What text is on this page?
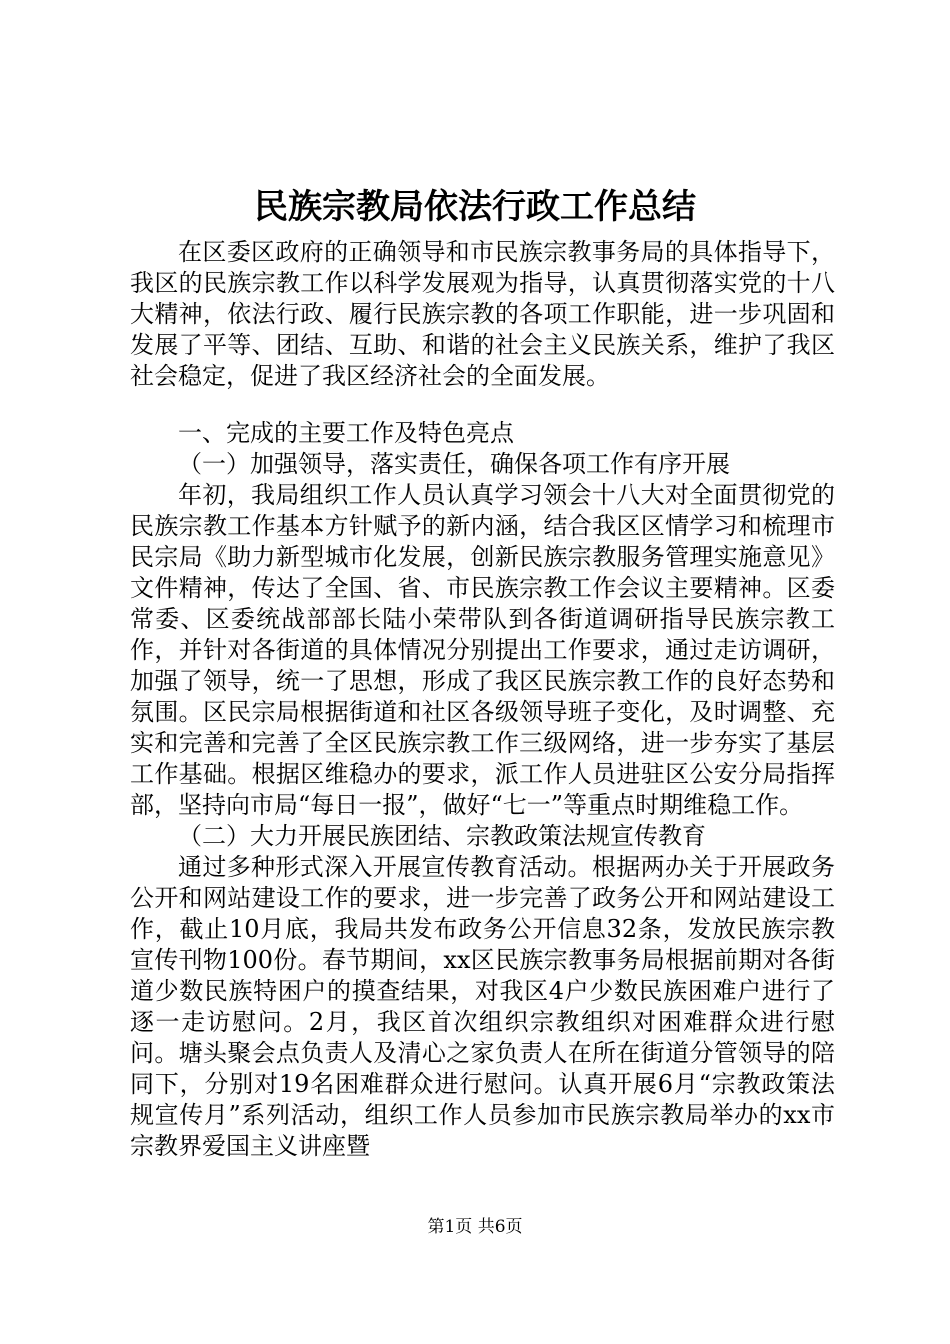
民族宗教局依法行政工作总结

在区委区政府的正确领导和市民族宗教事务局的具体指导下，我区的民族宗教工作以科学发展观为指导，认真贯彻落实党的十八大精神，依法行政、履行民族宗教的各项工作职能，进一步巩固和发展了平等、团结、互助、和谐的社会主义民族关系，维护了我区社会稳定，促进了我区经济社会的全面发展。

一、完成的主要工作及特色亮点

（一）加强领导，落实责任，确保各项工作有序开展

年初，我局组织工作人员认真学习领会十八大对全面贯彻党的民族宗教工作基本方针赋予的新内涵，结合我区区情学习和梳理市民宗局《助力新型城市化发展，创新民族宗教服务管理实施意见》文件精神，传达了全国、省、市民族宗教工作会议主要精神。区委常委、区委统战部部长陆小荣带队到各街道调研指导民族宗教工作，并针对各街道的具体情况分别提出工作要求，通过走访调研，加强了领导，统一了思想，形成了我区民族宗教工作的良好态势和氛围。区民宗局根据街道和社区各级领导班子变化，及时调整、充实和完善和完善了全区民族宗教工作三级网络，进一步夯实了基层工作基础。根据区维稳办的要求，派工作人员进驻区公安分局指挥部，坚持向市局“每日一报”，做好“七一”等重点时期维稳工作。

（二）大力开展民族团结、宗教政策法规宣传教育

通过多种形式深入开展宣传教育活动。根据两办关于开展政务公开和网站建设工作的要求，进一步完善了政务公开和网站建设工作，截止10月底，我局共发布政务公开信息32条，发放民族宗教宣传刊物100份。春节期间，xx区民族宗教事务局根据前期对各街道少数民族特困户的摸查结果，对我区4户少数民族困难户进行了逐一走访慰问。2月，我区首次组织宗教组织对困难群众进行慰问。塘头聚会点负责人及清心之家负责人在所在街道分管领导的陪同下，分别对19名困难群众进行慰问。认真开展6月“宗教政策法规宣传月”系列活动，组织工作人员参加市民族宗教局举办的xx市宗教界爱国主义讲座暨

第1页 共6页
